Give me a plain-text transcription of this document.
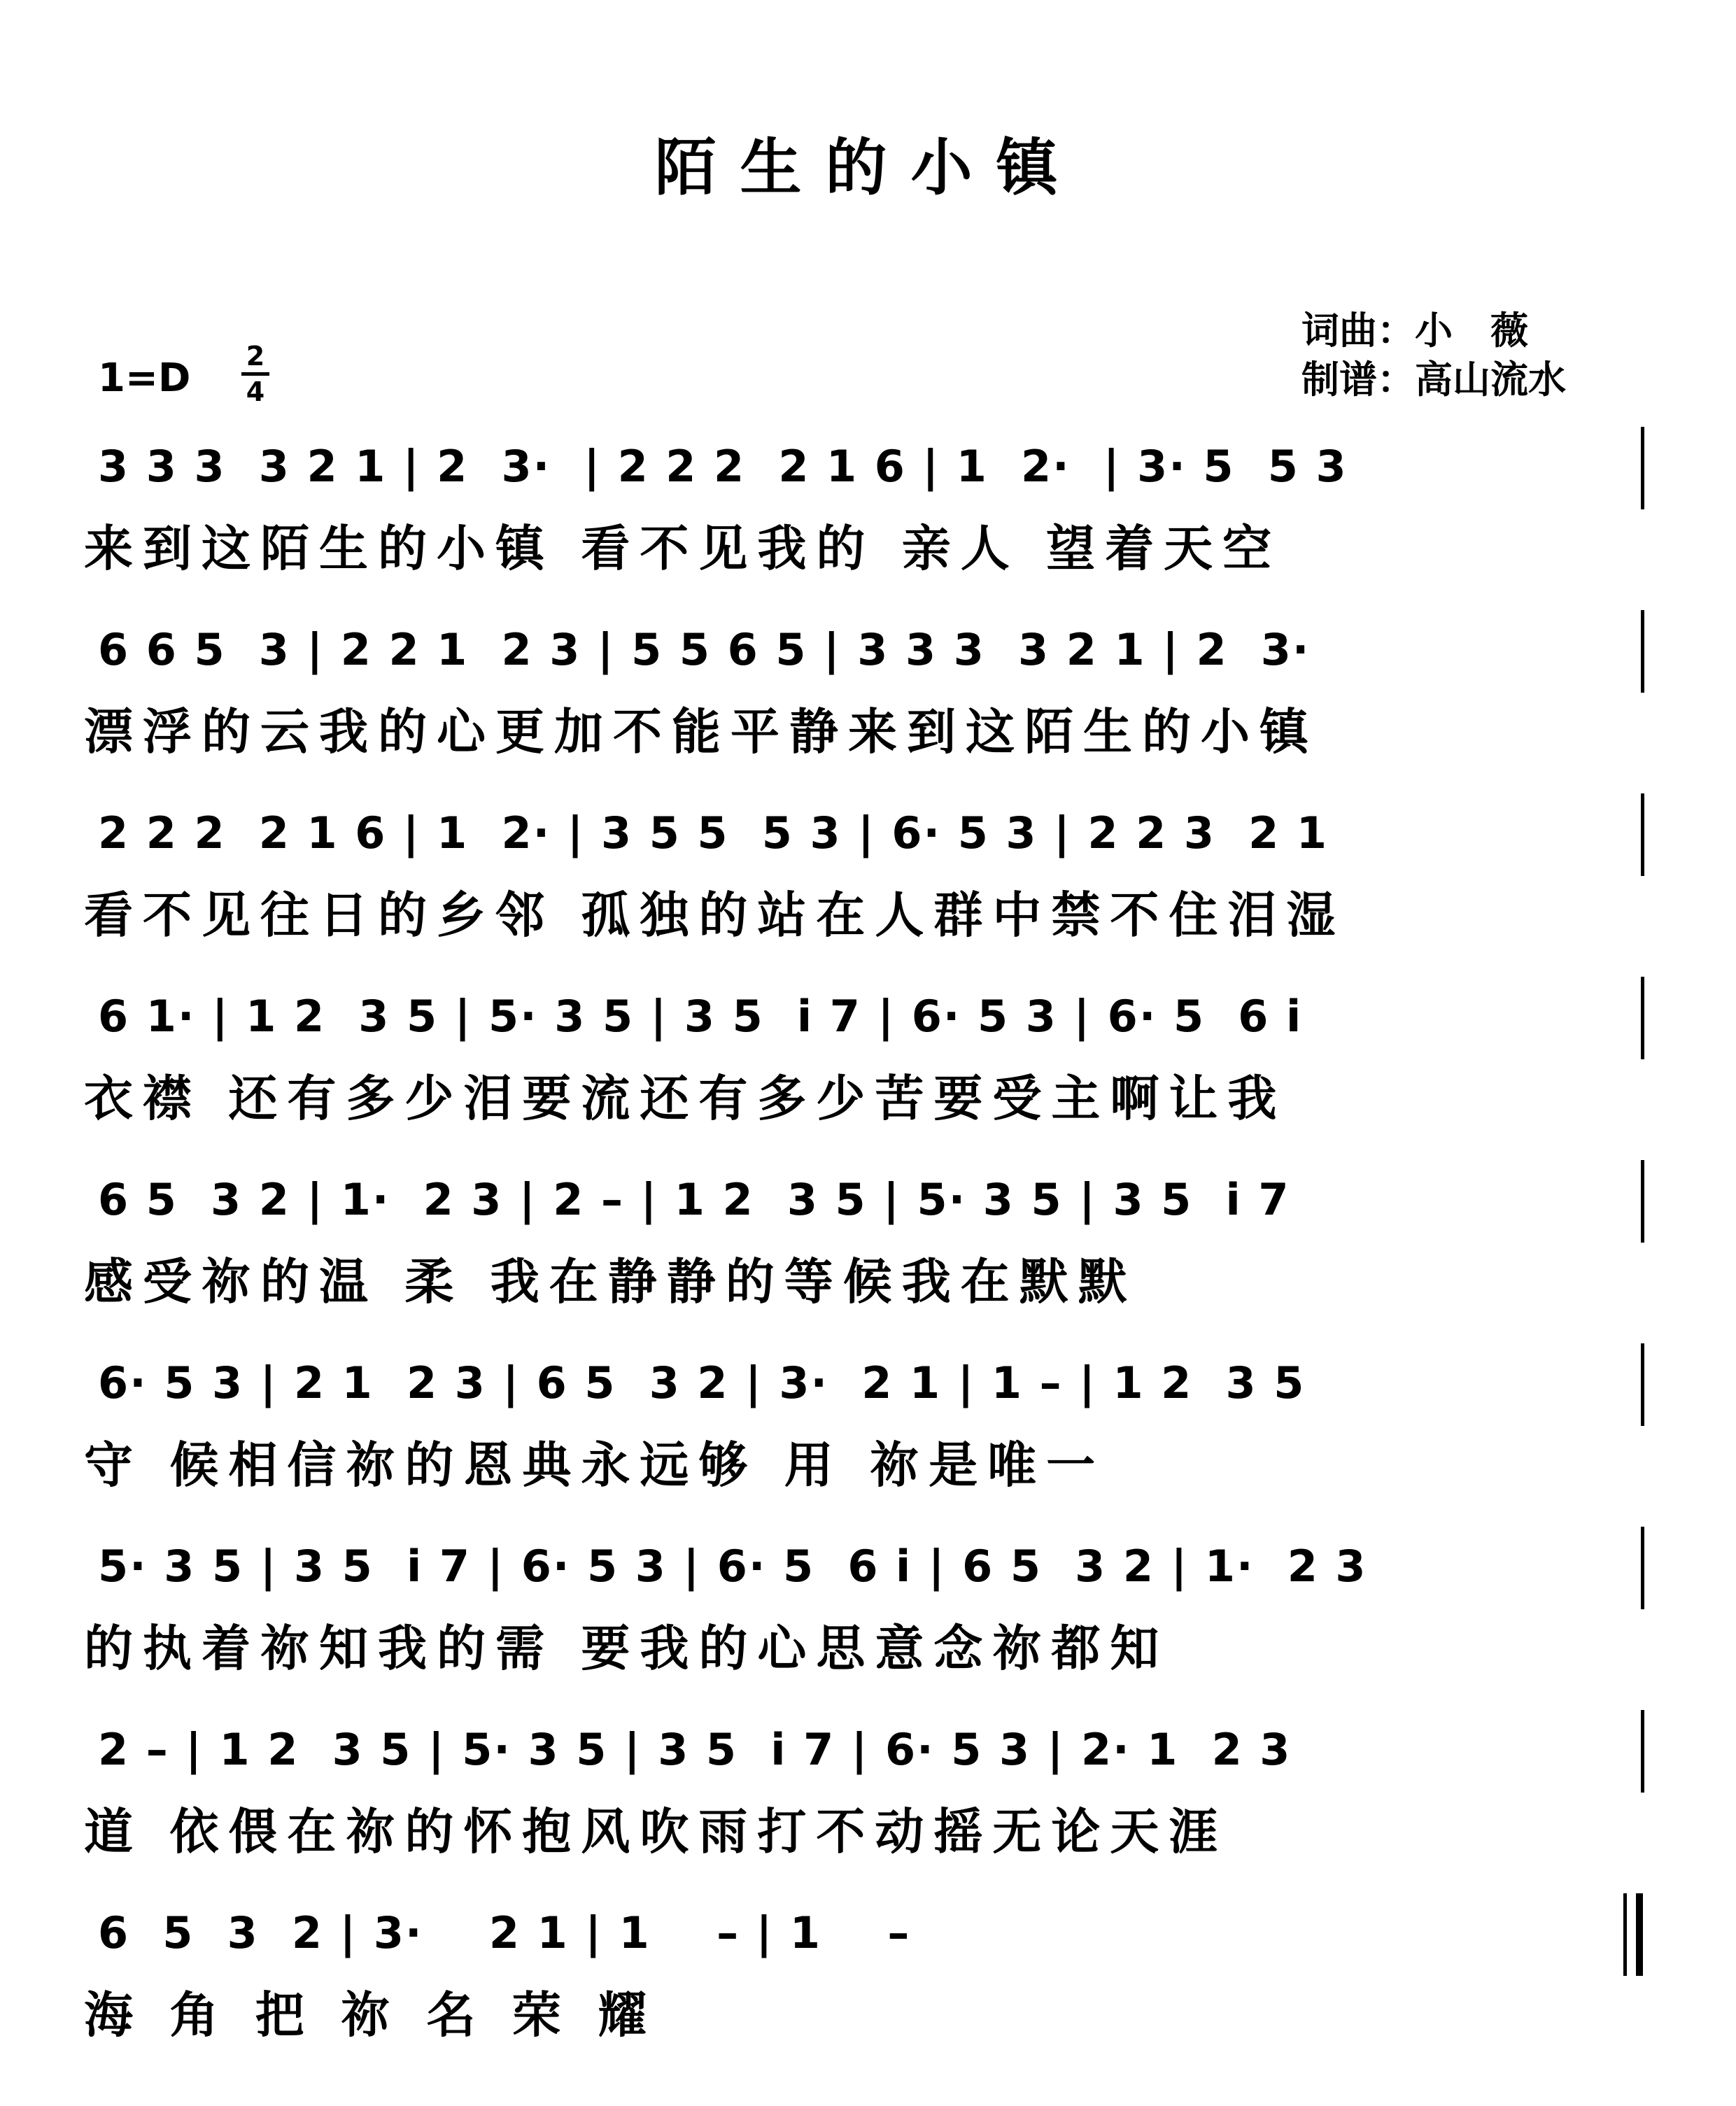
陌生的小镇
词曲：小　薇
制谱：高山流水
1=D 2
4
3 3 3  3 2 1 | 2  3·  | 2 2 2  2 1 6 | 1  2·  | 3· 5  5 3
来到这陌生的小镇 看不见我的 亲人 望着天空
6 6 5  3 | 2 2 1  2 3 | 5 5 6 5 | 3 3 3  3 2 1 | 2  3·
漂浮的云我的心更加不能平静来到这陌生的小镇
2 2 2  2 1 6 | 1  2· | 3 5 5  5 3 | 6· 5 3 | 2 2 3  2 1
看不见往日的乡邻 孤独的站在人群中禁不住泪湿
6 1· | 1 2  3 5 | 5· 3 5 | 3 5  i 7 | 6· 5 3 | 6· 5  6 i
衣襟 还有多少泪要流还有多少苦要受主啊让我
6 5  3 2 | 1·  2 3 | 2 – | 1 2  3 5 | 5· 3 5 | 3 5  i 7
感受祢的温 柔 我在静静的等候我在默默
6· 5 3 | 2 1  2 3 | 6 5  3 2 | 3·  2 1 | 1 – | 1 2  3 5
守 候相信祢的恩典永远够 用 祢是唯一
5· 3 5 | 3 5  i 7 | 6· 5 3 | 6· 5  6 i | 6 5  3 2 | 1·  2 3
的执着祢知我的需 要我的心思意念祢都知
2 – | 1 2  3 5 | 5· 3 5 | 3 5  i 7 | 6· 5 3 | 2· 1  2 3
道 依偎在祢的怀抱风吹雨打不动摇无论天涯
6  5  3  2 | 3·    2 1 | 1    – | 1    –
海 角 把 祢 名 荣 耀
